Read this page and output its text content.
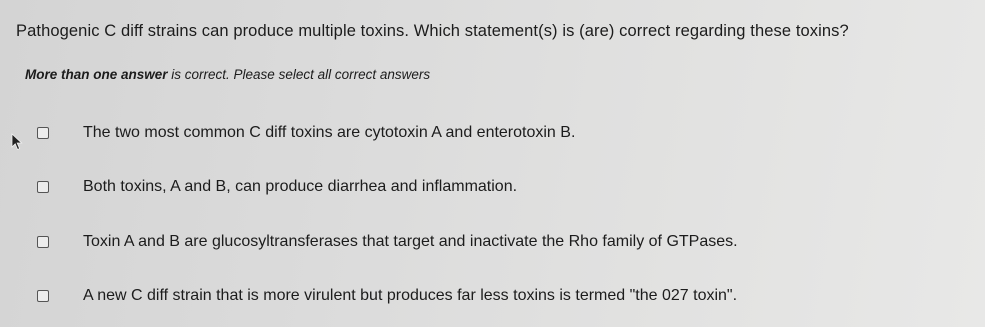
Pathogenic C diff strains can produce multiple toxins. Which statement(s) is (are) correct regarding these toxins?
More than one answer is correct. Please select all correct answers
The two most common C diff toxins are cytotoxin A and enterotoxin B.
Both toxins, A and B, can produce diarrhea and inflammation.
Toxin A and B are glucosyltransferases that target and inactivate the Rho family of GTPases.
A new C diff strain that is more virulent but produces far less toxins is termed "the 027 toxin".
